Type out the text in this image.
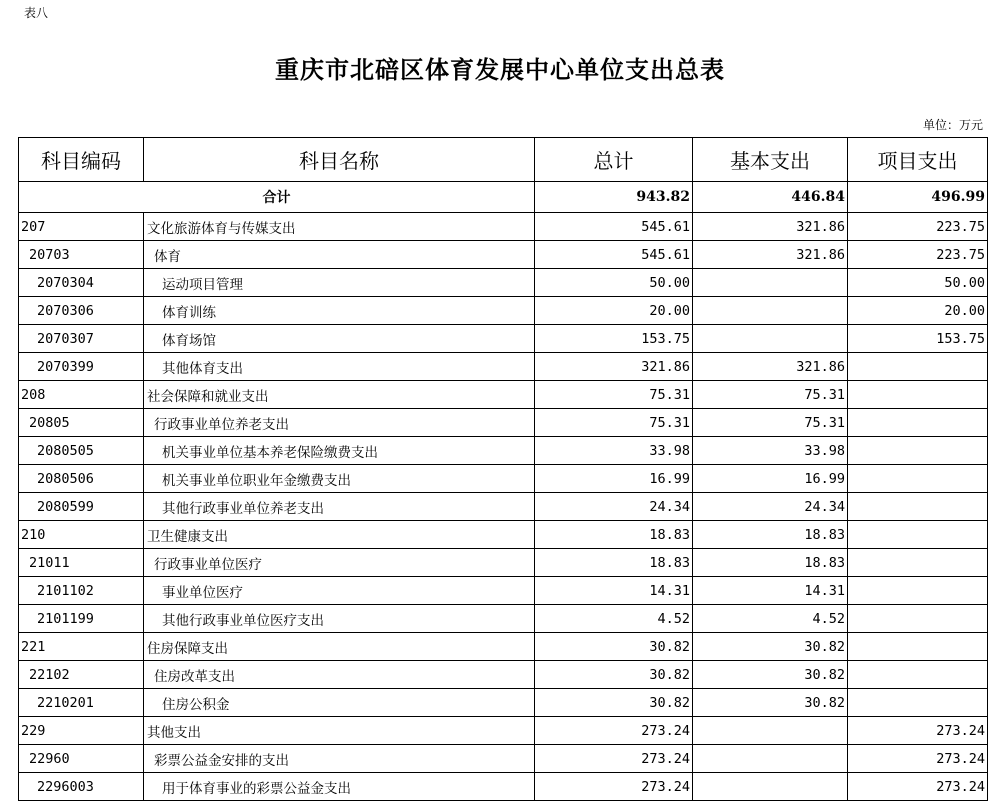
表八
重庆市北碚区体育发展中心单位支出总表
单位：万元
科目编码	科目名称	总计	基本支出	项目支出
合计		943.82	446.84	496.99
207	文化旅游体育与传媒支出	545.61	321.86	223.75
20703	体育	545.61	321.86	223.75
2070304	运动项目管理	50.00		50.00
2070306	体育训练	20.00		20.00
2070307	体育场馆	153.75		153.75
2070399	其他体育支出	321.86	321.86	
208	社会保障和就业支出	75.31	75.31	
20805	行政事业单位养老支出	75.31	75.31	
2080505	机关事业单位基本养老保险缴费支出	33.98	33.98	
2080506	机关事业单位职业年金缴费支出	16.99	16.99	
2080599	其他行政事业单位养老支出	24.34	24.34	
210	卫生健康支出	18.83	18.83	
21011	行政事业单位医疗	18.83	18.83	
2101102	事业单位医疗	14.31	14.31	
2101199	其他行政事业单位医疗支出	4.52	4.52	
221	住房保障支出	30.82	30.82	
22102	住房改革支出	30.82	30.82	
2210201	住房公积金	30.82	30.82	
229	其他支出	273.24		273.24
22960	彩票公益金安排的支出	273.24		273.24
2296003	用于体育事业的彩票公益金支出	273.24		273.24
